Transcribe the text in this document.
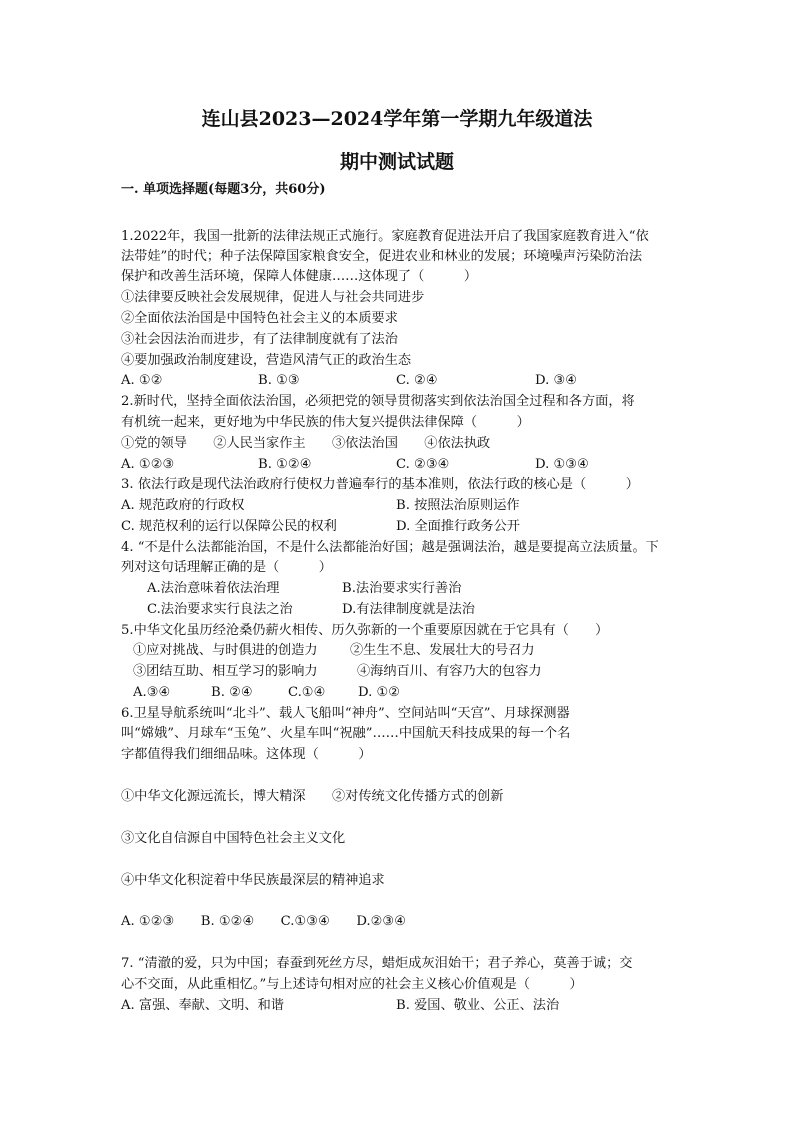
连山县2023—2024学年第一学期九年级道法
期中测试试题
一. 单项选择题(每题3分，共60分)
1.2022年，我国一批新的法律法规正式施行。家庭教育促进法开启了我国家庭教育进入“依
法带娃”的时代；种子法保障国家粮食安全，促进农业和林业的发展；环境噪声污染防治法
保护和改善生活环境，保障人体健康……这体现了（　　　）
①法律要反映社会发展规律，促进人与社会共同进步
②全面依法治国是中国特色社会主义的本质要求
③社会因法治而进步，有了法律制度就有了法治
④要加强政治制度建设，营造风清气正的政治生态
A. ①②	B. ①③	C. ②④	D. ③④
2.新时代，坚持全面依法治国，必须把党的领导贯彻落实到依法治国全过程和各方面，将
有机统一起来，更好地为中华民族的伟大复兴提供法律保障（　　　）
①党的领导　　②人民当家作主　　③依法治国　　④依法执政
A. ①②③	B. ①②④	C. ②③④	D. ①③④
3. 依法行政是现代法治政府行使权力普遍奉行的基本准则，依法行政的核心是（　　　）
A. 规范政府的行政权	B. 按照法治原则运作
C. 规范权利的运行以保障公民的权利	D. 全面推行政务公开
4. “不是什么法都能治国，不是什么法都能治好国；越是强调法治，越是要提高立法质量。下
列对这句话理解正确的是（　　　）
A.法治意味着依法治理	B.法治要求实行善治
C.法治要求实行良法之治	D.有法律制度就是法治
5.中华文化虽历经沧桑仍薪火相传、历久弥新的一个重要原因就在于它具有（　　）
①应对挑战、与时俱进的创造力 ②生生不息、发展壮大的号召力
③团结互助、相互学习的影响力	④海纳百川、有容乃大的包容力
A.③④	B. ②④	C.①④ D. ①②
6.卫星导航系统叫“北斗”、载人飞船叫“神舟”、空间站叫“天宫”、月球探测器
叫“嫦娥”、月球车“玉兔”、火星车叫“祝融”……中国航天科技成果的每一个名
字都值得我们细细品味。这体现（　　　）
①中华文化源远流长，博大精深　　②对传统文化传播方式的创新
③文化自信源自中国特色社会主义文化
④中华文化积淀着中华民族最深层的精神追求
A. ①②③　　B. ①②④　　C.①③④　　D.②③④
7. “清澈的爱，只为中国；春蚕到死丝方尽，蜡炬成灰泪始干；君子养心，莫善于诚；交
心不交面，从此重相忆。”与上述诗句相对应的社会主义核心价值观是（　　　）
A. 富强、奉献、文明、和谐	B. 爱国、敬业、公正、法治
